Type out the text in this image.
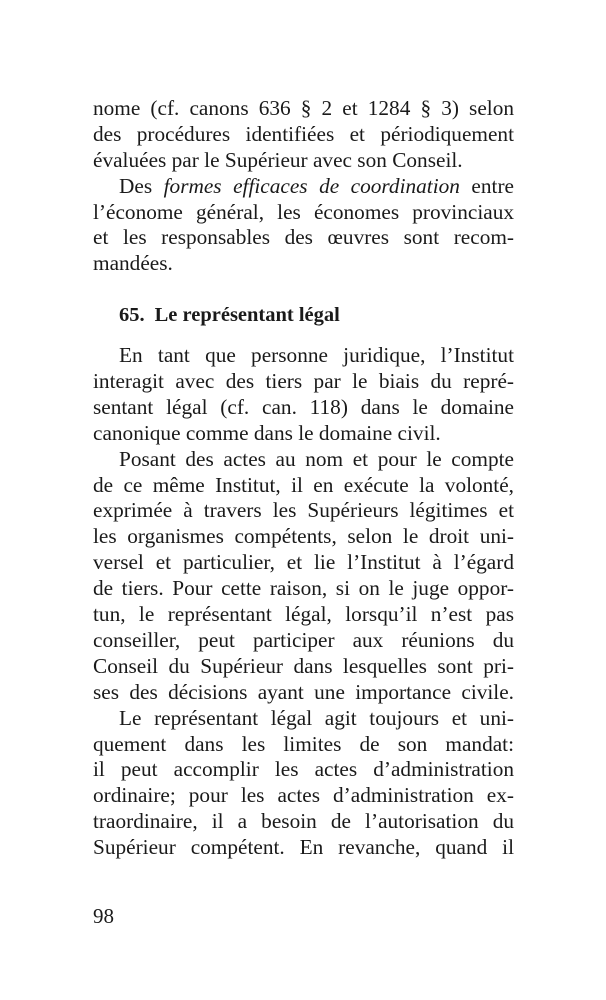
nome (cf. canons 636 § 2 et 1284 § 3) selon
des procédures identifiées et périodiquement
évaluées par le Supérieur avec son Conseil.
Des formes efficaces de coordination entre
l’économe général, les économes provinciaux
et les responsables des œuvres sont recom-
mandées.
65. Le représentant légal
En tant que personne juridique, l’Institut
interagit avec des tiers par le biais du repré-
sentant légal (cf. can. 118) dans le domaine
canonique comme dans le domaine civil.
Posant des actes au nom et pour le compte
de ce même Institut, il en exécute la volonté,
exprimée à travers les Supérieurs légitimes et
les organismes compétents, selon le droit uni-
versel et particulier, et lie l’Institut à l’égard
de tiers. Pour cette raison, si on le juge oppor-
tun, le représentant légal, lorsqu’il n’est pas
conseiller, peut participer aux réunions du
Conseil du Supérieur dans lesquelles sont pri-
ses des décisions ayant une importance civile.
Le représentant légal agit toujours et uni-
quement dans les limites de son mandat:
il peut accomplir les actes d’administration
ordinaire; pour les actes d’administration ex-
traordinaire, il a besoin de l’autorisation du
Supérieur compétent. En revanche, quand il
98
